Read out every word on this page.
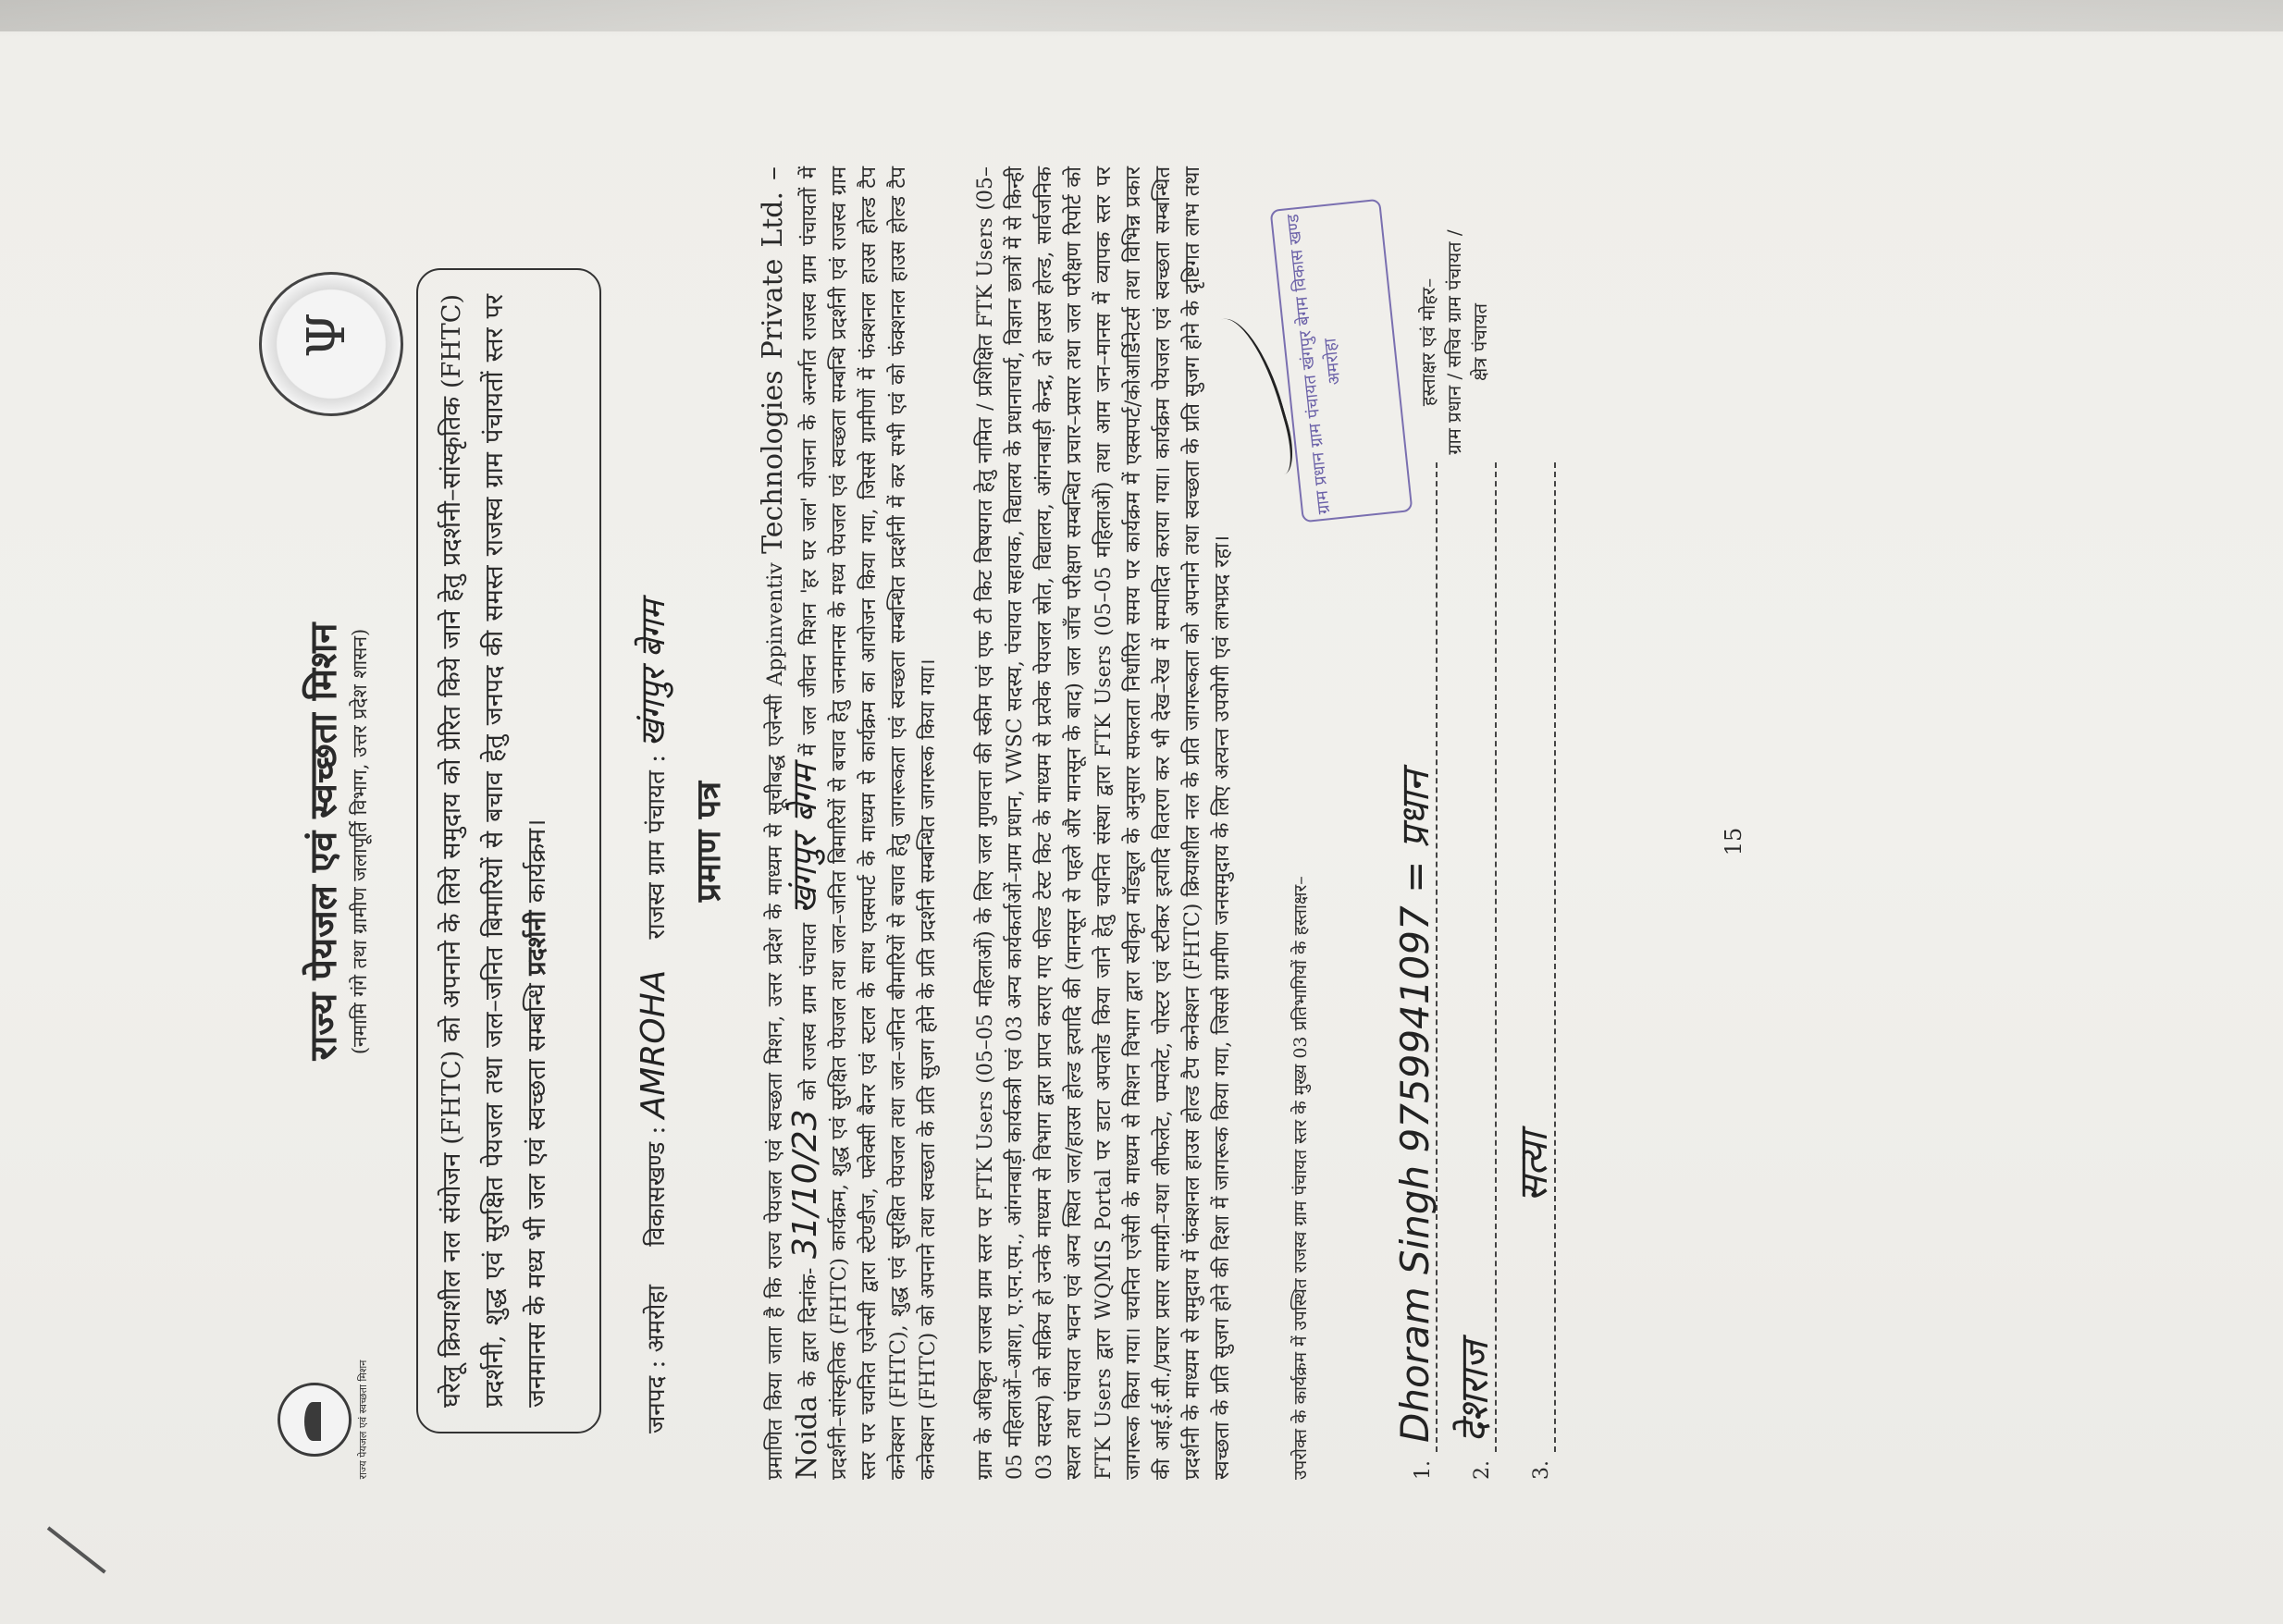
राज्य पेयजल एवं स्वच्छता मिशन
राज्य पेयजल एवं स्वच्छता मिशन (नमामि गंगे तथा ग्रामीण जलापूर्ति विभाग, उत्तर प्रदेश शासन)
Ψ	घरेलू क्रियाशील नल संयोजन (FHTC) को अपनाने के लिये समुदाय को प्रेरित किये जाने हेतु प्रदर्शनी–सांस्कृतिक (FHTC) प्रदर्शनी, शुद्ध एवं सुरक्षित पेयजल तथा जल–जनित बिमारियों से बचाव हेतु जनपद की समस्त राजस्व ग्राम पंचायतों स्तर पर जनमानस के मध्य भी जल एवं स्वच्छता सम्बन्धि प्रदर्शनी कार्यक्रम।
जनपद : अमरोहा     विकासखण्ड : AMROHA    राजस्व ग्राम पंचायत : खंगपुर बेगम
प्रमाण पत्र प्रमाणित किया जाता है कि राज्य पेयजल एवं स्वच्छता मिशन, उत्तर प्रदेश के माध्यम से सूचीबद्ध एजेन्सी Appinventiv Technologies Private Ltd. – Noida के द्वारा दिनांक- 31/10/23 को राजस्व ग्राम पंचायत खंगपुर बेगम में जल जीवन मिशन 'हर घर जल' योजना के अन्तर्गत राजस्व ग्राम पंचायतों में प्रदर्शनी–सांस्कृतिक (FHTC) कार्यक्रम, शुद्ध एवं सुरक्षित पेयजल तथा जल–जनित बिमारियों से बचाव हेतु जनमानस के मध्य पेयजल एवं स्वच्छता सम्बन्धि प्रदर्शनी एवं राजस्व ग्राम स्तर पर चयनित एजेन्सी द्वारा स्टेण्डीज, फ्लेक्सी बैनर एवं स्टाल के साथ एक्सपर्ट के माध्यम से कार्यक्रम का आयोजन किया गया, जिससे ग्रामीणों में फंक्शनल हाउस होल्ड टैप कनेक्शन (FHTC), शुद्ध एवं सुरक्षित पेयजल तथा जल–जनित बीमारियों से बचाव हेतु जागरूकता एवं स्वच्छता सम्बन्धित प्रदर्शनी में कर सभी एवं को फंक्शनल हाउस होल्ड टैप कनेक्शन (FHTC) को अपनाने तथा स्वच्छता के प्रति सुजग होने के प्रति प्रदर्शनी सम्बन्धित जागरूक किया गया। ग्राम के अधिकृत राजस्व ग्राम स्तर पर FTK Users (05–05 महिलाओं) के लिए जल गुणवत्ता की स्कीम एवं एफ टी किट विषयगत हेतु नामित / प्रशिक्षित FTK Users (05–05 महिलाओं–आशा, ए.एन.एम., आंगनबाड़ी कार्यकत्री एवं 03 अन्य कार्यकर्ताओं–ग्राम प्रधान, VWSC सदस्य, पंचायत सहायक, विद्यालय के प्रधानाचार्य, विज्ञान छात्रों में से किन्ही 03 सदस्य) को सक्रिय हो उनके माध्यम से विभाग द्वारा प्राप्त कराए गए फील्ड टेस्ट किट के माध्यम से प्रत्येक पेयजल स्रोत, विद्यालय, आंगनबाड़ी केन्द्र, दो हाउस होल्ड, सार्वजनिक स्थल तथा पंचायत भवन एवं अन्य स्थित जल/हाउस होल्ड इत्यादि की (मानसून से पहले और मानसून के बाद) जल जाँच परीक्षण सम्बन्धित प्रचार–प्रसार तथा जल परीक्षण रिपोर्ट को FTK Users द्वारा WQMIS Portal पर डाटा अपलोड किया जाने हेतु चयनित संस्था द्वारा FTK Users (05–05 महिलाओं) तथा आम जन–मानस में व्यापक स्तर पर जागरूक किया गया। चयनित एजेंसी के माध्यम से मिशन विभाग द्वारा स्वीकृत मॉड्यूल के अनुसार सफलता निर्धारित समय पर कार्यक्रम में एक्सपर्ट/कोआर्डिनेटर्स तथा विभिन्न प्रकार की आई.ई.सी./प्रचार प्रसार सामग्री–यथा लीफलेट, पम्पलेट, पोस्टर एवं स्टीकर इत्यादि वितरण कर भी देख–रेख में सम्पादित कराया गया। कार्यक्रम पेयजल एवं स्वच्छता सम्बन्धित प्रदर्शनी के माध्यम से समुदाय में फंक्शनल हाउस होल्ड टैप कनेक्शन (FHTC) क्रियाशील नल के प्रति जागरूकता को अपनाने तथा स्वच्छता के प्रति सुजग होने के दृष्टिगत लाभ तथा स्वच्छता के प्रति सुजग होने की दिशा में जागरूक किया गया, जिससे ग्रामीण जनसमुदाय के लिए अत्यन्त उपयोगी एवं लाभप्रद रहा।	उपरोक्त के कार्यक्रम में उपस्थित राजस्व ग्राम पंचायत स्तर के मुख्य 03 प्रतिभागियों के हस्ताक्षर–	1.
Dhoram Singh 9759941097 = प्रधान
2.
देशराज
3.
सत्या
ग्राम प्रधान ग्राम पंचायत खंगपुर बेगम विकास खण्ड अमरोहा	हस्ताक्षर एवं मोहर– ग्राम प्रधान / सचिव ग्राम पंचायत / क्षेत्र पंचायत
15
